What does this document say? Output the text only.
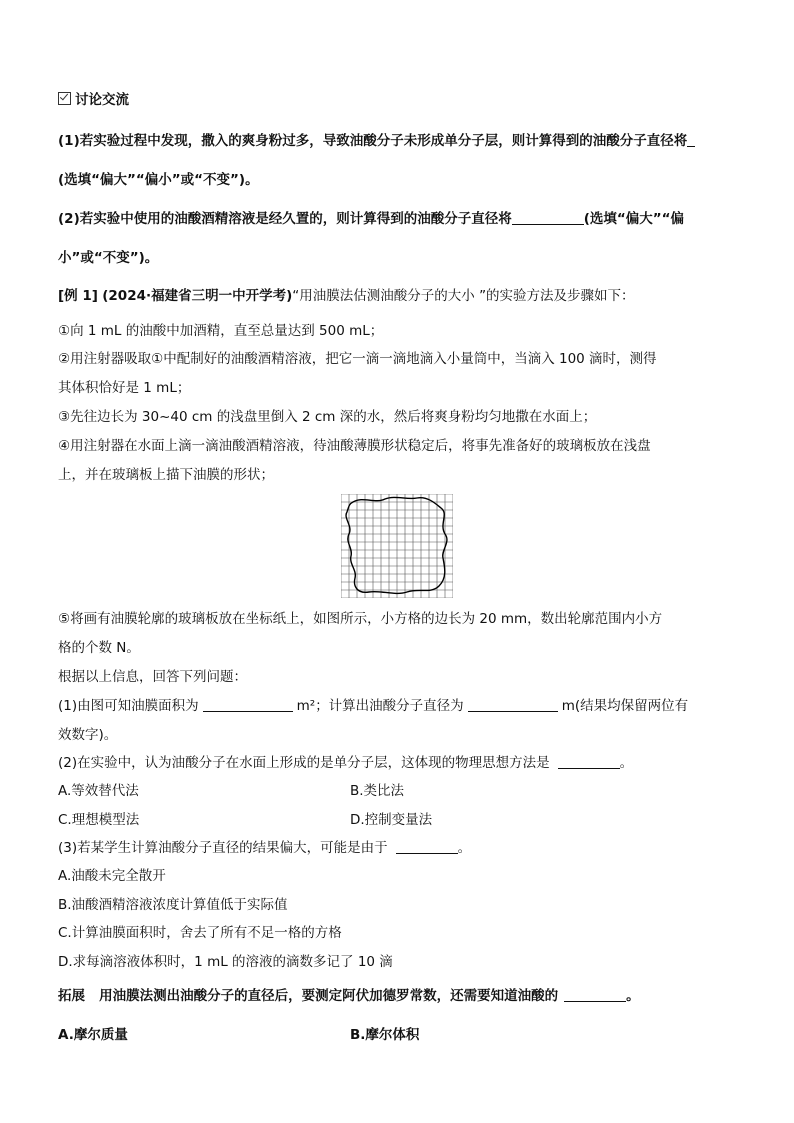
讨论交流
(1)若实验过程中发现，撒入的爽身粉过多，导致油酸分子未形成单分子层，则计算得到的油酸分子直径将
(选填“偏大”“偏小”或“不变”)。
(2)若实验中使用的油酸酒精溶液是经久置的，则计算得到的油酸分子直径将	(选填“偏大”“偏
小”或“不变”)。
[例 1] (2024·福建省三明一中开学考)“用油膜法估测油酸分子的大小 ”的实验方法及步骤如下：
①向 1 mL 的油酸中加酒精，直至总量达到 500 mL；
②用注射器吸取①中配制好的油酸酒精溶液，把它一滴一滴地滴入小量筒中，当滴入 100 滴时，测得
其体积恰好是 1 mL；
③先往边长为 30~40 cm 的浅盘里倒入 2 cm 深的水，然后将爽身粉均匀地撒在水面上；
④用注射器在水面上滴一滴油酸酒精溶液，待油酸薄膜形状稳定后，将事先准备好的玻璃板放在浅盘
上，并在玻璃板上描下油膜的形状；
⑤将画有油膜轮廓的玻璃板放在坐标纸上，如图所示，小方格的边长为 20 mm，数出轮廓范围内小方
格的个数 N。
根据以上信息，回答下列问题：
(1)由图可知油膜面积为	m²；计算出油酸分子直径为	m(结果均保留两位有
效数字)。
(2)在实验中，认为油酸分子在水面上形成的是单分子层，这体现的物理思想方法是	。
A.等效替代法	B.类比法
C.理想模型法	D.控制变量法
(3)若某学生计算油酸分子直径的结果偏大，可能是由于	。
A.油酸未完全散开
B.油酸酒精溶液浓度计算值低于实际值
C.计算油膜面积时，舍去了所有不足一格的方格
D.求每滴溶液体积时，1 mL 的溶液的滴数多记了 10 滴
拓展 用油膜法测出油酸分子的直径后，要测定阿伏加德罗常数，还需要知道油酸的	。
A.摩尔质量	B.摩尔体积
